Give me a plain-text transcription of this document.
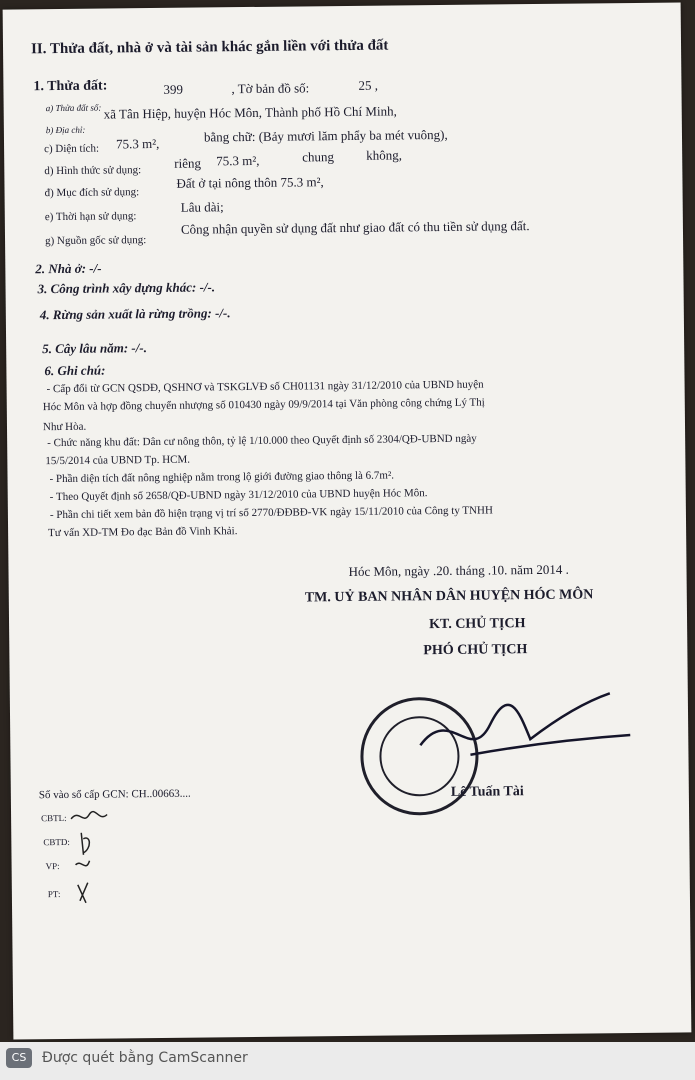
II. Thửa đất, nhà ở và tài sản khác gắn liền với thửa đất
1. Thửa đất:
a) Thửa đất số:
399	, Tờ bản đồ số:	25 ,
b) Địa chỉ:
xã Tân Hiệp, huyện Hóc Môn, Thành phố Hồ Chí Minh,
c) Diện tích: 75.3 m²,	bằng chữ: (Bảy mươi lăm phẩy ba mét vuông),
d) Hình thức sử dụng:	riêng 75.3 m²,	chung không,
đ) Mục đích sử dụng:
Đất ở tại nông thôn 75.3 m²,
e) Thời hạn sử dụng:
Lâu dài;
g) Nguồn gốc sử dụng:
Công nhận quyền sử dụng đất như giao đất có thu tiền sử dụng đất.
2. Nhà ở: -/-
3. Công trình xây dựng khác: -/-.
4. Rừng sản xuất là rừng trồng: -/-.
5. Cây lâu năm: -/-.
6. Ghi chú:
- Cấp đổi từ GCN QSDĐ, QSHNƠ và TSKGLVĐ số CH01131 ngày 31/12/2010 của UBND huyện
Hóc Môn và hợp đồng chuyển nhượng số 010430 ngày 09/9/2014 tại Văn phòng công chứng Lý Thị
Như Hòa.
- Chức năng khu đất: Dân cư nông thôn, tỷ lệ 1/10.000 theo Quyết định số 2304/QĐ-UBND ngày
15/5/2014 của UBND Tp. HCM.
- Phần diện tích đất nông nghiệp nằm trong lộ giới đường giao thông là 6.7m².
- Theo Quyết định số 2658/QĐ-UBND ngày 31/12/2010 của UBND huyện Hóc Môn.
- Phần chi tiết xem bản đồ hiện trạng vị trí số 2770/ĐĐBĐ-VK ngày 15/11/2010 của Công ty TNHH
Tư vấn XD-TM Đo đạc Bản đồ Vinh Khải.
Hóc Môn, ngày .20. tháng .10. năm 2014 .
TM. UỶ BAN NHÂN DÂN HUYỆN HÓC MÔN
KT. CHỦ TỊCH
PHÓ CHỦ TỊCH
Lê Tuấn Tài
Số vào sổ cấp GCN: CH..00663....
CBTL:
CBTD:
VP:
PT:
CS	Được quét bằng CamScanner
